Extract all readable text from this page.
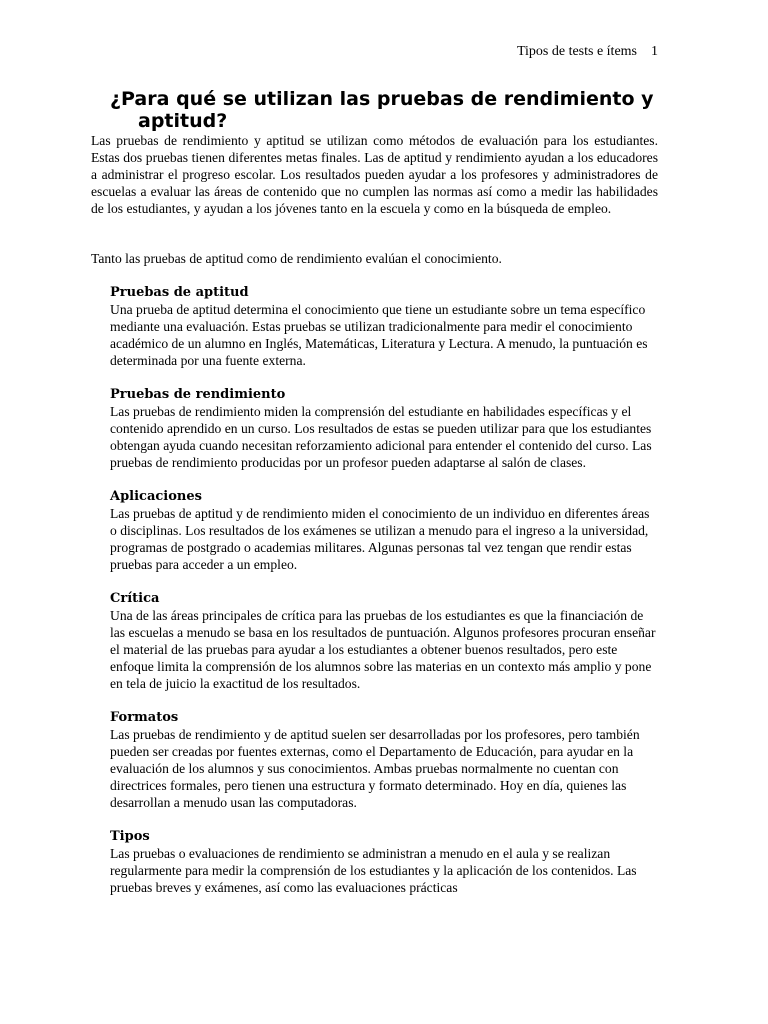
Tipos de tests e ítems 1
¿Para qué se utilizan las pruebas de rendimiento y aptitud?

Las pruebas de rendimiento y aptitud se utilizan como métodos de evaluación para los estudiantes. Estas dos pruebas tienen diferentes metas finales. Las de aptitud y rendimiento ayudan a los educadores a administrar el progreso escolar. Los resultados pueden ayudar a los profesores y administradores de escuelas a evaluar las áreas de contenido que no cumplen las normas así como a medir las habilidades de los estudiantes, y ayudan a los jóvenes tanto en la escuela y como en la búsqueda de empleo.

Tanto las pruebas de aptitud como de rendimiento evalúan el conocimiento.

Pruebas de aptitud

Una prueba de aptitud determina el conocimiento que tiene un estudiante sobre un tema específico mediante una evaluación. Estas pruebas se utilizan tradicionalmente para medir el conocimiento académico de un alumno en Inglés, Matemáticas, Literatura y Lectura. A menudo, la puntuación es determinada por una fuente externa.

Pruebas de rendimiento

Las pruebas de rendimiento miden la comprensión del estudiante en habilidades específicas y el contenido aprendido en un curso. Los resultados de estas se pueden utilizar para que los estudiantes obtengan ayuda cuando necesitan reforzamiento adicional para entender el contenido del curso. Las pruebas de rendimiento producidas por un profesor pueden adaptarse al salón de clases.

Aplicaciones

Las pruebas de aptitud y de rendimiento miden el conocimiento de un individuo en diferentes áreas o disciplinas. Los resultados de los exámenes se utilizan a menudo para el ingreso a la universidad, programas de postgrado o academias militares. Algunas personas tal vez tengan que rendir estas pruebas para acceder a un empleo.

Crítica

Una de las áreas principales de crítica para las pruebas de los estudiantes es que la financiación de las escuelas a menudo se basa en los resultados de puntuación. Algunos profesores procuran enseñar el material de las pruebas para ayudar a los estudiantes a obtener buenos resultados, pero este enfoque limita la comprensión de los alumnos sobre las materias en un contexto más amplio y pone en tela de juicio la exactitud de los resultados.

Formatos

Las pruebas de rendimiento y de aptitud suelen ser desarrolladas por los profesores, pero también pueden ser creadas por fuentes externas, como el Departamento de Educación, para ayudar en la evaluación de los alumnos y sus conocimientos. Ambas pruebas normalmente no cuentan con directrices formales, pero tienen una estructura y formato determinado. Hoy en día, quienes las desarrollan a menudo usan las computadoras.

Tipos

Las pruebas o evaluaciones de rendimiento se administran a menudo en el aula y se realizan regularmente para medir la comprensión de los estudiantes y la aplicación de los contenidos. Las pruebas breves y exámenes, así como las evaluaciones prácticas
